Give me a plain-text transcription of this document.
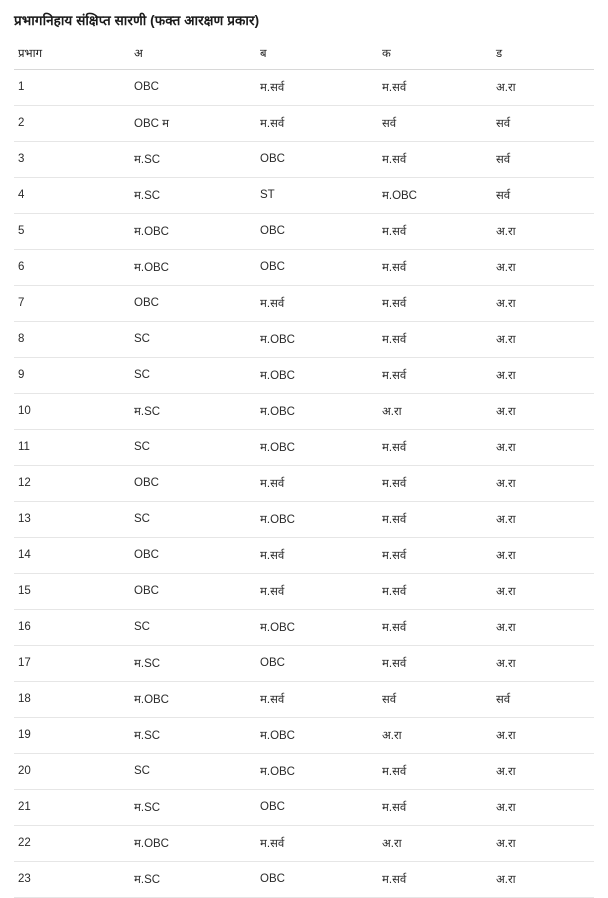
प्रभागनिहाय संक्षिप्त सारणी (फक्त आरक्षण प्रकार)
प्रभाग	अ	ब	क	ड
1	OBC	म.सर्व	म.सर्व	अ.रा
2	OBC म	म.सर्व	सर्व	सर्व
3	म.SC	OBC	म.सर्व	सर्व
4	म.SC	ST	म.OBC	सर्व
5	म.OBC	OBC	म.सर्व	अ.रा
6	म.OBC	OBC	म.सर्व	अ.रा
7	OBC	म.सर्व	म.सर्व	अ.रा
8	SC	म.OBC	म.सर्व	अ.रा
9	SC	म.OBC	म.सर्व	अ.रा
10	म.SC	म.OBC	अ.रा	अ.रा
11	SC	म.OBC	म.सर्व	अ.रा
12	OBC	म.सर्व	म.सर्व	अ.रा
13	SC	म.OBC	म.सर्व	अ.रा
14	OBC	म.सर्व	म.सर्व	अ.रा
15	OBC	म.सर्व	म.सर्व	अ.रा
16	SC	म.OBC	म.सर्व	अ.रा
17	म.SC	OBC	म.सर्व	अ.रा
18	म.OBC	म.सर्व	सर्व	सर्व
19	म.SC	म.OBC	अ.रा	अ.रा
20	SC	म.OBC	म.सर्व	अ.रा
21	म.SC	OBC	म.सर्व	अ.रा
22	म.OBC	म.सर्व	अ.रा	अ.रा
23	म.SC	OBC	म.सर्व	अ.रा
